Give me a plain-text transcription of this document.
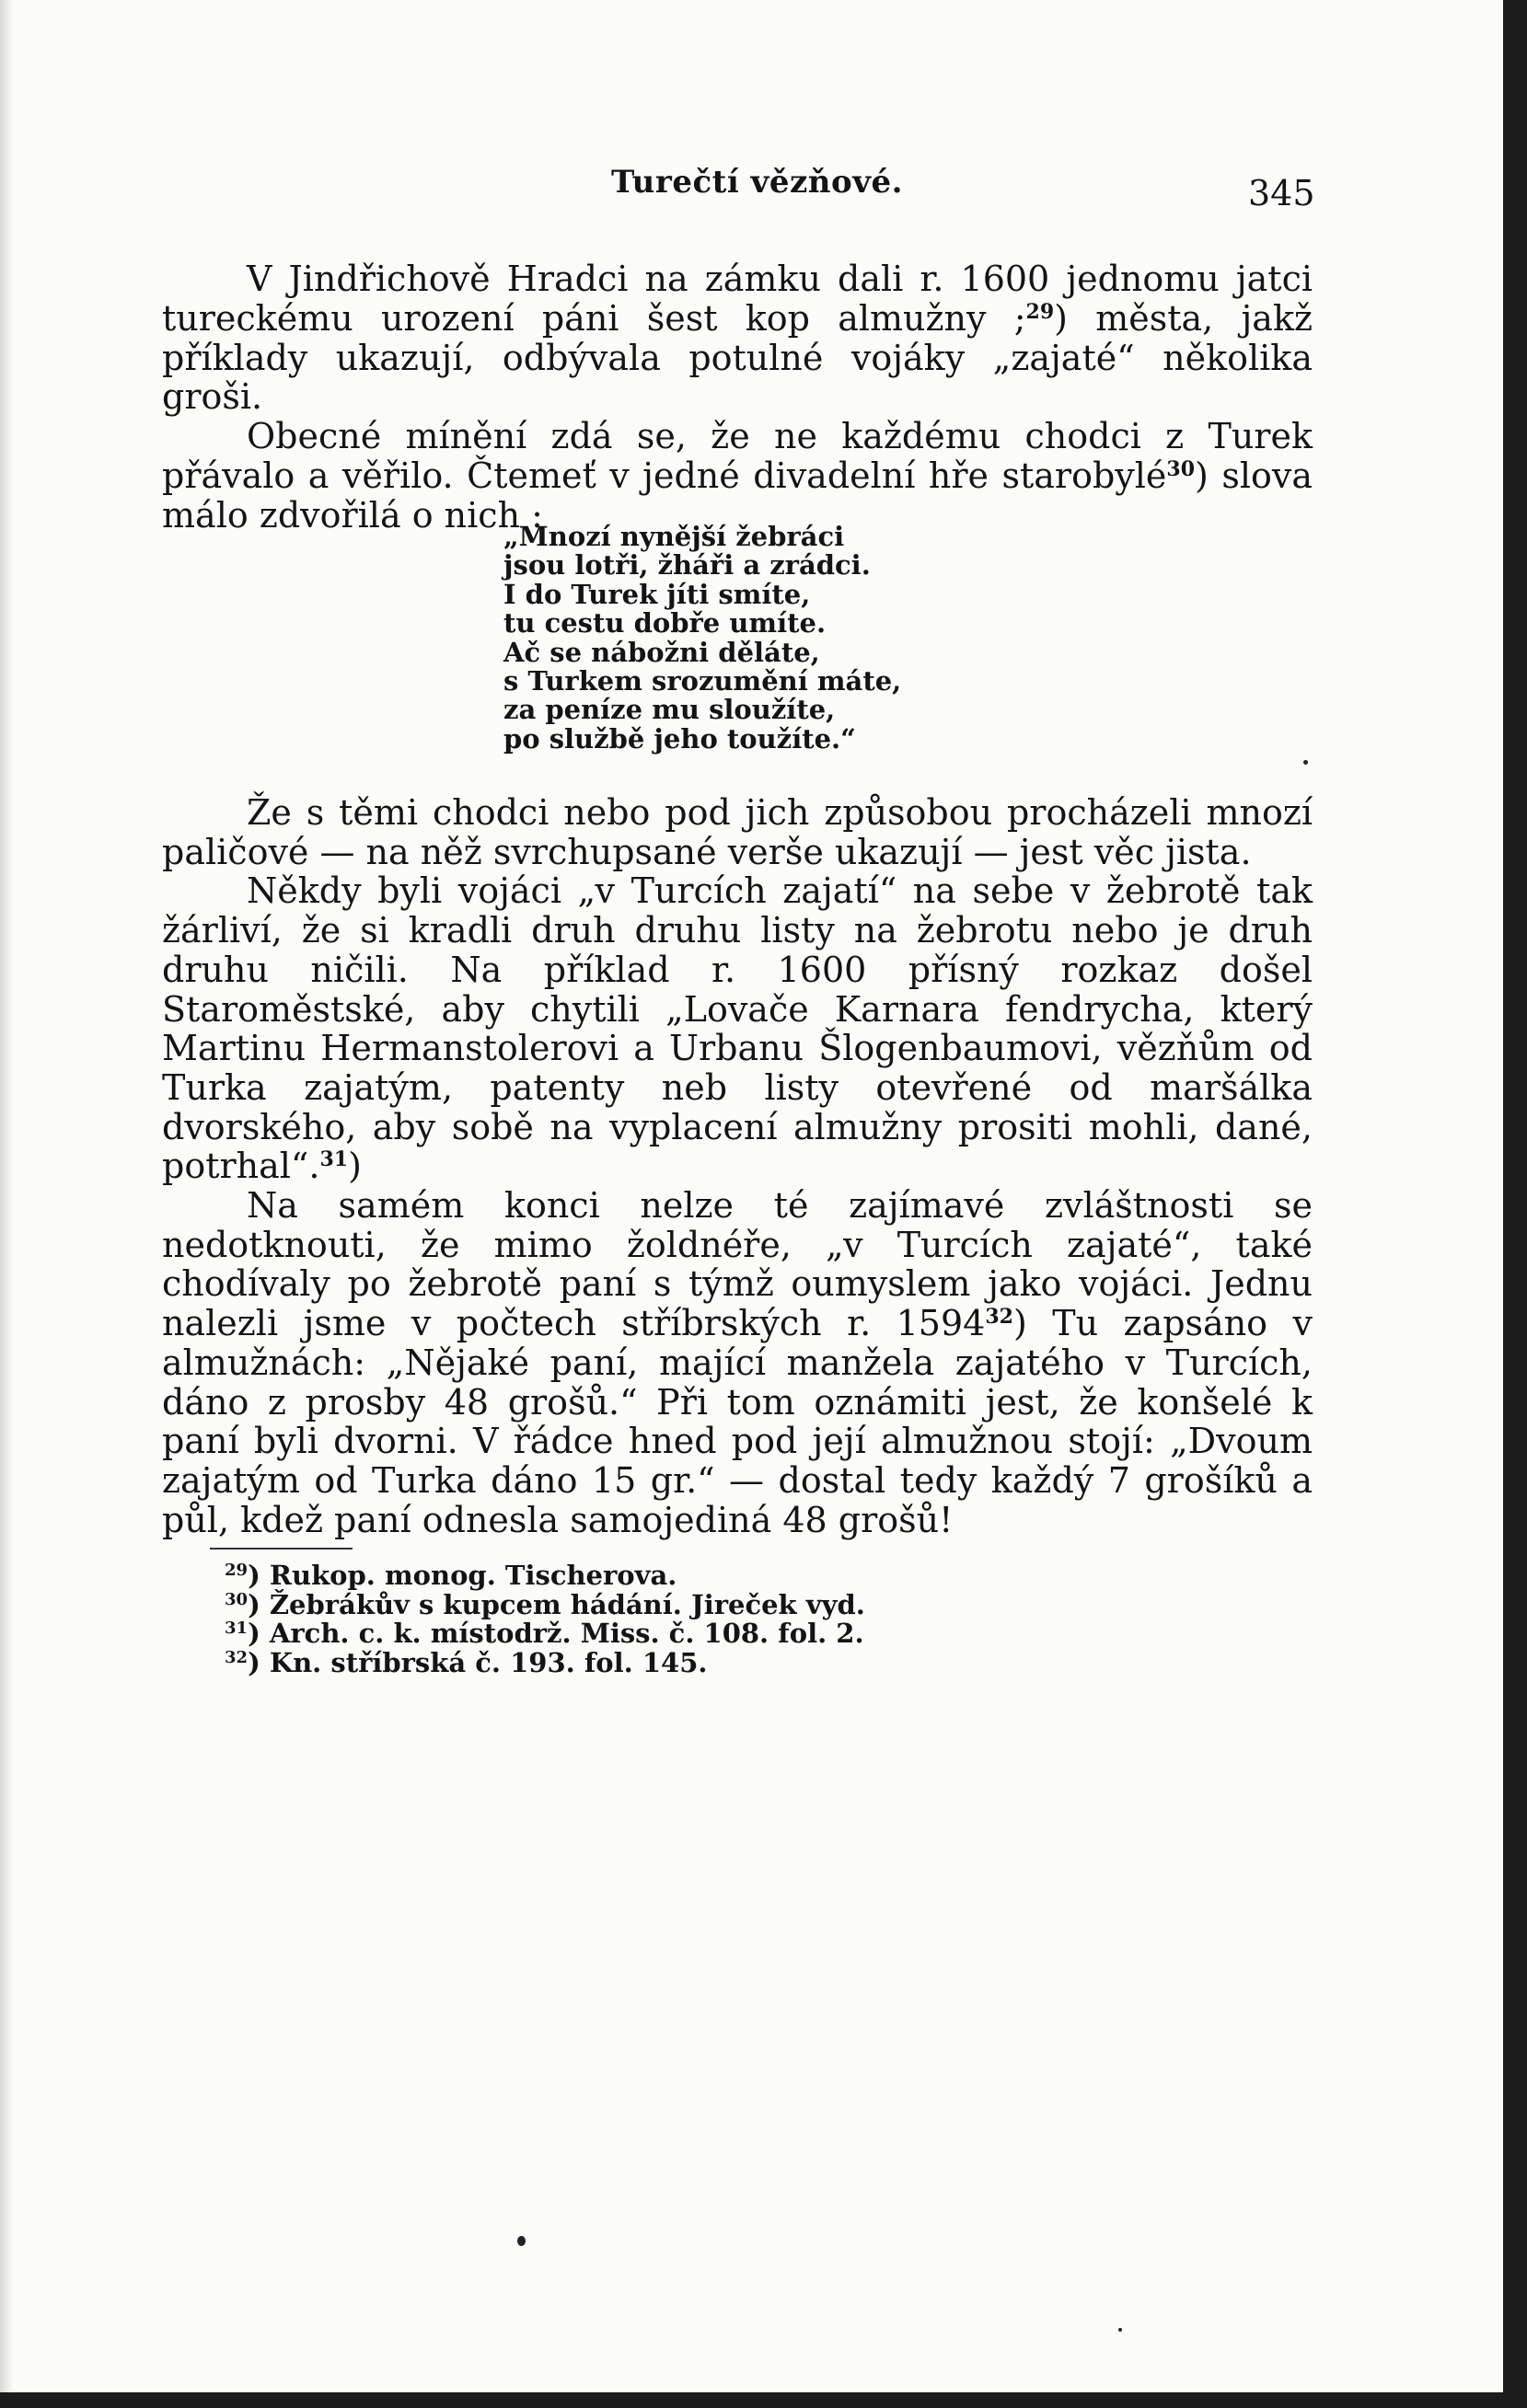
Turečtí vězňové.	345

V Jindřichově Hradci na zámku dali r. 1600 jednomu jatci tureckému urozenı́ páni šest kop almužny ;$^{29}$) města, jakž příklady ukazují, odbývala potulné vojáky „zajaté“ několika groši.

Obecné mínění zdá se, že ne každému chodci z Turek přávalo a věřilo. Čtemeť v jedné divadelní hře starobylé$^{30}$) slova málo zdvořilá o nich :

„Mnozí nynější žebráci
jsou lotři, žháři a zrádci.
I do Turek jíti smíte,
tu cestu dobře umíte.
Ač se nábožni děláte,
s Turkem srozumění máte,
za peníze mu sloužíte,
po službě jeho toužíte.“

Že s těmi chodci nebo pod jich způsobou procházeli mnozí paličové — na něž svrchupsané verše ukazují — jest věc jista.

Někdy byli vojáci „v Turcích zajatí“ na sebe v žebrotě tak žárliví, že si kradli druh druhu listy na žebrotu nebo je druh druhu ničili. Na příklad r. 1600 přísný rozkaz došel Staroměstské, aby chytili „Lovače Karnara fendrycha, který Martinu Hermanstolerovi a Urbanu Šlogenbaumovi, vězňům od Turka zajatým, patenty neb listy otevřené od maršálka dvorského, aby sobě na vyplacení almužny prositi mohli, dané, potrhal“.$^{31}$)

Na samém konci nelze té zajímavé zvláštnosti se nedotknouti, že mimo žoldnéře, „v Turcích zajaté“, také chodívaly po žebrotě paní s týmž oumyslem jako vojáci. Jednu nalezli jsme v počtech stříbrských r. 1594$^{32}$) Tu zapsáno v almužnách: „Nějaké paní, mající manžela zajatého v Turcích, dáno z prosby 48 grošů.“ Při tom oznámiti jest, že konšelé k paní byli dvorni. V řádce hned pod její almužnou stojí: „Dvoum zajatým od Turka dáno 15 gr.“ — dostal tedy každý 7 grošíků a půl, kdež paní odnesla samojediná 48 grošů!

$^{29}$) Rukop. monog. Tischerova.
$^{30}$) Žebrákův s kupcem hádání. Jireček vyd.
$^{31}$) Arch. c. k. místodrž. Miss. č. 108. fol. 2.
$^{32}$) Kn. stříbrská č. 193. fol. 145.
